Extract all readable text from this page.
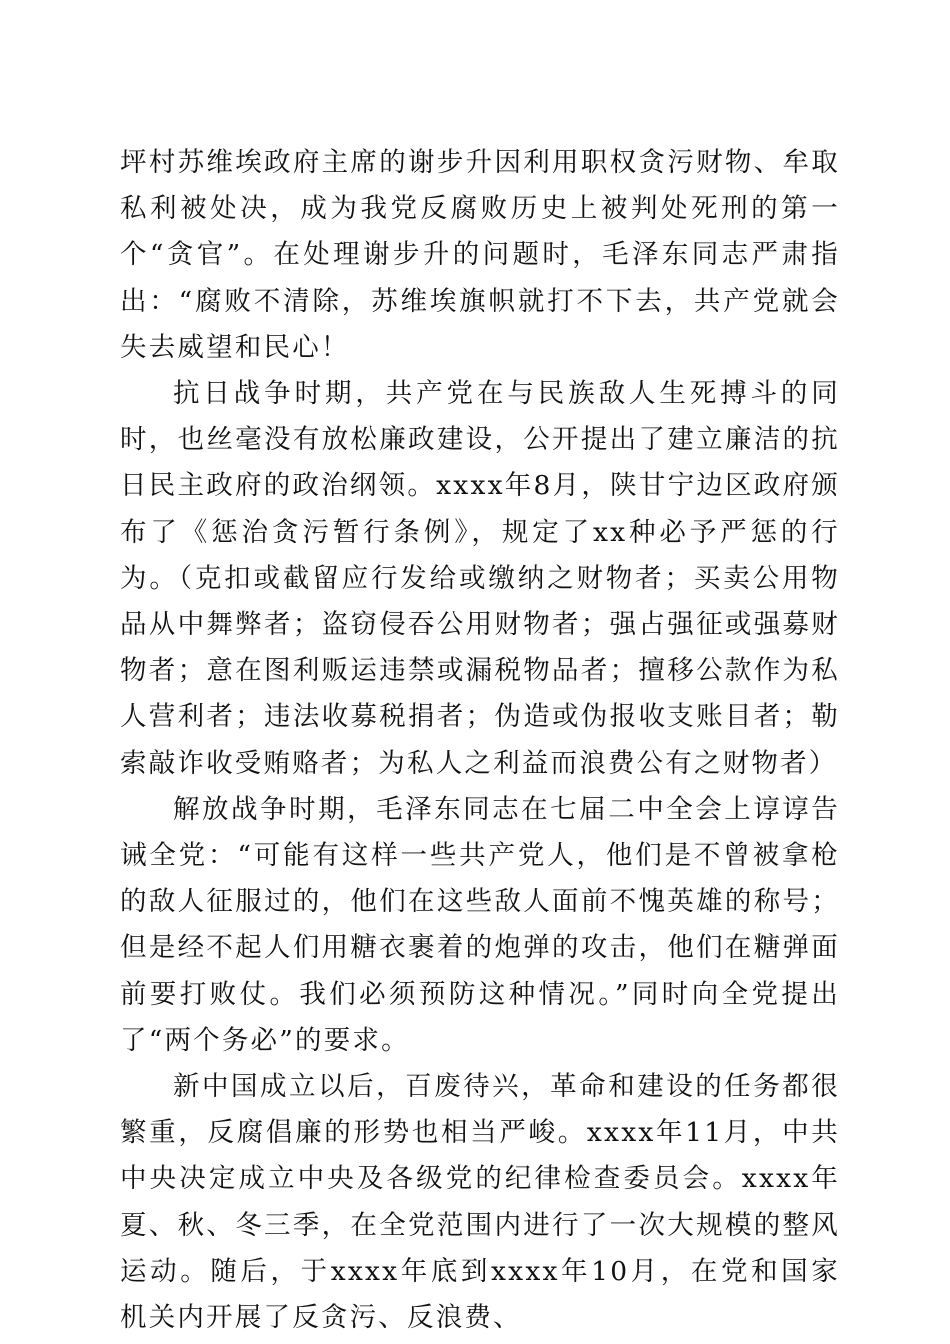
坪村苏维埃政府主席的谢步升因利用职权贪污财物、牟取私利被处决，成为我党反腐败历史上被判处死刑的第一个“贪官”。在处理谢步升的问题时，毛泽东同志严肃指出：“腐败不清除，苏维埃旗帜就打不下去，共产党就会失去威望和民心！

抗日战争时期，共产党在与民族敌人生死搏斗的同时，也丝毫没有放松廉政建设，公开提出了建立廉洁的抗日民主政府的政治纲领。xxxx年8月，陕甘宁边区政府颁布了《惩治贪污暂行条例》，规定了xx种必予严惩的行为。（克扣或截留应行发给或缴纳之财物者；买卖公用物品从中舞弊者；盗窃侵吞公用财物者；强占强征或强募财物者；意在图利贩运违禁或漏税物品者；擅移公款作为私人营利者；违法收募税捐者；伪造或伪报收支账目者；勒索敲诈收受贿赂者；为私人之利益而浪费公有之财物者）

解放战争时期，毛泽东同志在七届二中全会上谆谆告诫全党：“可能有这样一些共产党人，他们是不曾被拿枪的敌人征服过的，他们在这些敌人面前不愧英雄的称号；但是经不起人们用糖衣裹着的炮弹的攻击，他们在糖弹面前要打败仗。我们必须预防这种情况。”同时向全党提出了“两个务必”的要求。

新中国成立以后，百废待兴，革命和建设的任务都很繁重，反腐倡廉的形势也相当严峻。xxxx年11月，中共中央决定成立中央及各级党的纪律检查委员会。xxxx年夏、秋、冬三季，在全党范围内进行了一次大规模的整风运动。随后，于xxxx年底到xxxx年10月，在党和国家机关内开展了反贪污、反浪费、
